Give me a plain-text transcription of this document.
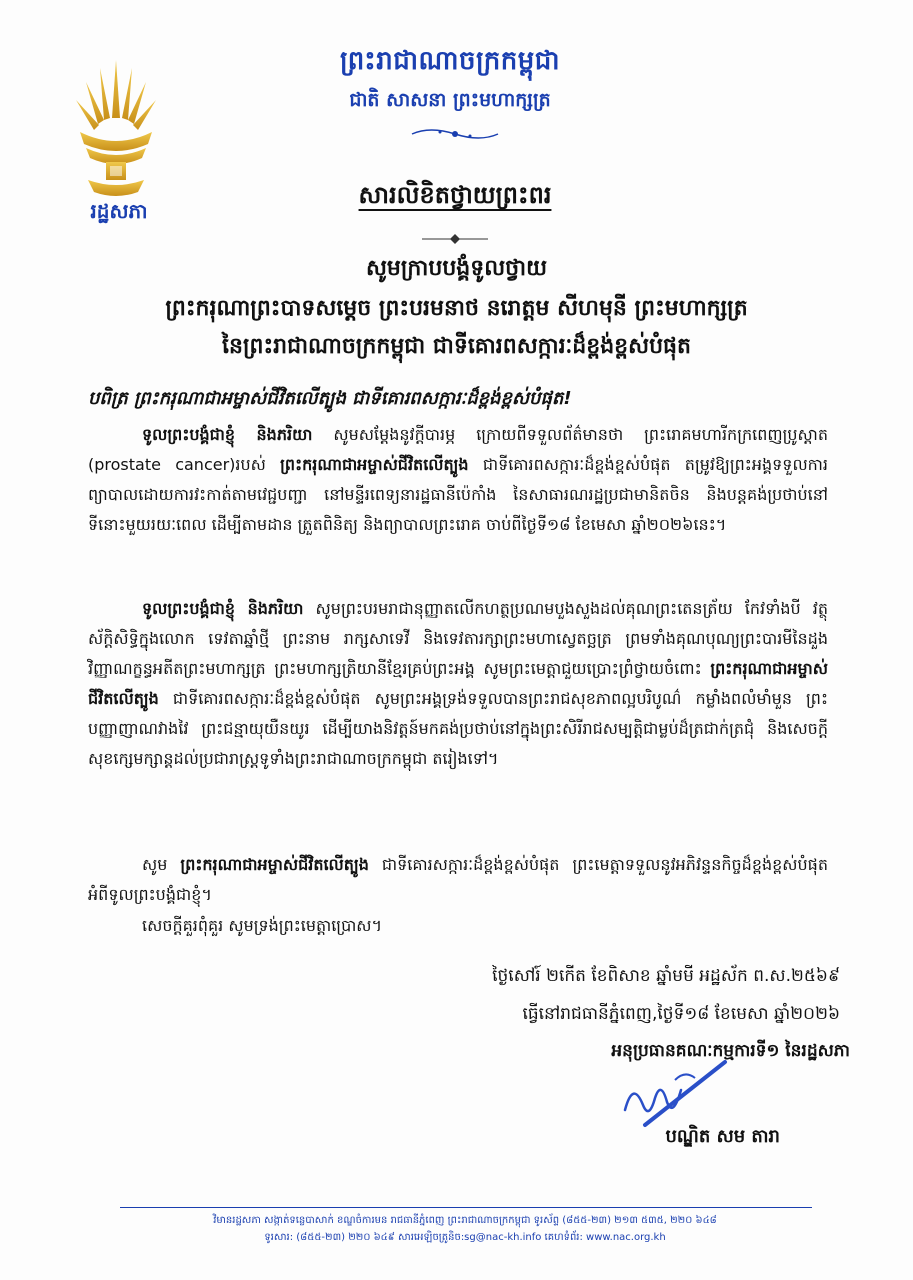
រដ្ឋសភា
ព្រះរាជាណាចក្រកម្ពុជា
ជាតិ សាសនា ព្រះមហាក្សត្រ
សារលិខិតថ្វាយព្រះពរ
សូមក្រាបបង្គំទូលថ្វាយ
ព្រះករុណាព្រះបាទសម្តេច ព្រះបរមនាថ នរោត្តម សីហមុនី ព្រះមហាក្សត្រ
នៃព្រះរាជាណាចក្រកម្ពុជា ជាទីគោរពសក្ការៈដ៏ខ្ពង់ខ្ពស់បំផុត
បពិត្រ ព្រះករុណាជាអម្ចាស់ជីវិតលើត្បូង ជាទីគោរពសក្ការៈដ៏ខ្ពង់ខ្ពស់បំផុត!
ទូលព្រះបង្គំជាខ្ញុំ និងភរិយា សូមសម្តែងនូវក្តីបារម្ភ ក្រោយពីទទួលព័ត៌មានថា ព្រះរោគមហារីកក្រពេញប្រូស្តាត (prostate cancer)របស់ ព្រះករុណាជាអម្ចាស់ជីវិតលើត្បូង ជាទីគោរពសក្ការៈដ៏ខ្ពង់ខ្ពស់បំផុត តម្រូវឱ្យព្រះអង្គទទួលការព្យាបាលដោយការវះកាត់តាមវេជ្ជបញ្ជា នៅមន្ទីរពេទ្យនារដ្ឋធានីប៉េកាំង នៃសាធារណរដ្ឋប្រជាមានិតចិន និងបន្តគង់ប្រថាប់នៅទីនោះមួយរយៈពេល ដើម្បីតាមដាន ត្រួតពិនិត្យ និងព្យាបាលព្រះរោគ ចាប់ពីថ្ងៃទី១៨ ខែមេសា ឆ្នាំ២០២៦នេះ។
ទូលព្រះបង្គំជាខ្ញុំ និងភរិយា សូមព្រះបរមរាជានុញ្ញាតលើកហត្ថប្រណមបួងសួងដល់គុណព្រះតេនត្រ័យ កែវទាំងបី វត្ថុស័ក្តិសិទ្ធិក្នុងលោក ទេវតាឆ្នាំថ្មី ព្រះនាម រាក្សសាទេវី និងទេវតារក្សាព្រះមហាស្វេតច្ឆត្រ ព្រមទាំងគុណបុណ្យព្រះបារមីនៃដួងវិញ្ញាណក្ខន្ធអតីតព្រះមហាក្សត្រ ព្រះមហាក្សត្រិយានីខ្មែរគ្រប់ព្រះអង្គ សូមព្រះមេត្តាជួយប្រោះព្រំថ្វាយចំពោះ ព្រះករុណាជាអម្ចាស់ជីវិតលើត្បូង ជាទីគោរពសក្ការៈដ៏ខ្ពង់ខ្ពស់បំផុត សូមព្រះអង្គទ្រង់ទទួលបានព្រះរាជសុខភាពល្អបរិបូណ៌ កម្លាំងពលំមាំមួន ព្រះបញ្ញាញាណវាងវៃ ព្រះជន្មាយុយឺនយូរ ដើម្បីយាងនិវត្តន៍មកគង់ប្រថាប់នៅក្នុងព្រះសិរីរាជសម្បត្តិជាម្លប់ដ៏ត្រជាក់ត្រជុំ និងសេចក្តីសុខក្សេមក្សាន្តដល់ប្រជារាស្ត្រទូទាំងព្រះរាជាណាចក្រកម្ពុជា តរៀងទៅ។
សូម ព្រះករុណាជាអម្ចាស់ជីវិតលើត្បូង ជាទីគោរសក្ការៈដ៏ខ្ពង់ខ្ពស់បំផុត ព្រះមេត្តាទទួលនូវអភិវន្ទនកិច្ចដ៏ខ្ពង់ខ្ពស់បំផុត អំពីទូលព្រះបង្គំជាខ្ញុំ។
សេចក្តីគួរពុំគួរ សូមទ្រង់ព្រះមេត្តាប្រោស។
ថ្ងៃសៅរ៍ ២កើត ខែពិសាខ ឆ្នាំមមី អដ្ឋស័ក ព.ស.២៥៦៩
ធ្វើនៅរាជធានីភ្នំពេញ,ថ្ងៃទី១៨ ខែមេសា ឆ្នាំ២០២៦
អនុប្រធានគណៈកម្មការទី១ នៃរដ្ឋសភា
បណ្ឌិត សម តារា
វិមានរដ្ឋសភា សង្កាត់ទន្លេបាសាក់ ខណ្ឌចំការមន រាជធានីភ្នំពេញ ព្រះរាជាណាចក្រកម្ពុជា ទូរស័ព្ទ (៨៥៥-២៣) ២១៣ ៥៣៥, ២២០ ៦៤៨
ទូរសារ: (៨៥៥-២៣) ២២០ ៦៤៩ សារអេឡិចត្រូនិច:sg@nac-kh.info គេហទំព័រ: www.nac.org.kh
